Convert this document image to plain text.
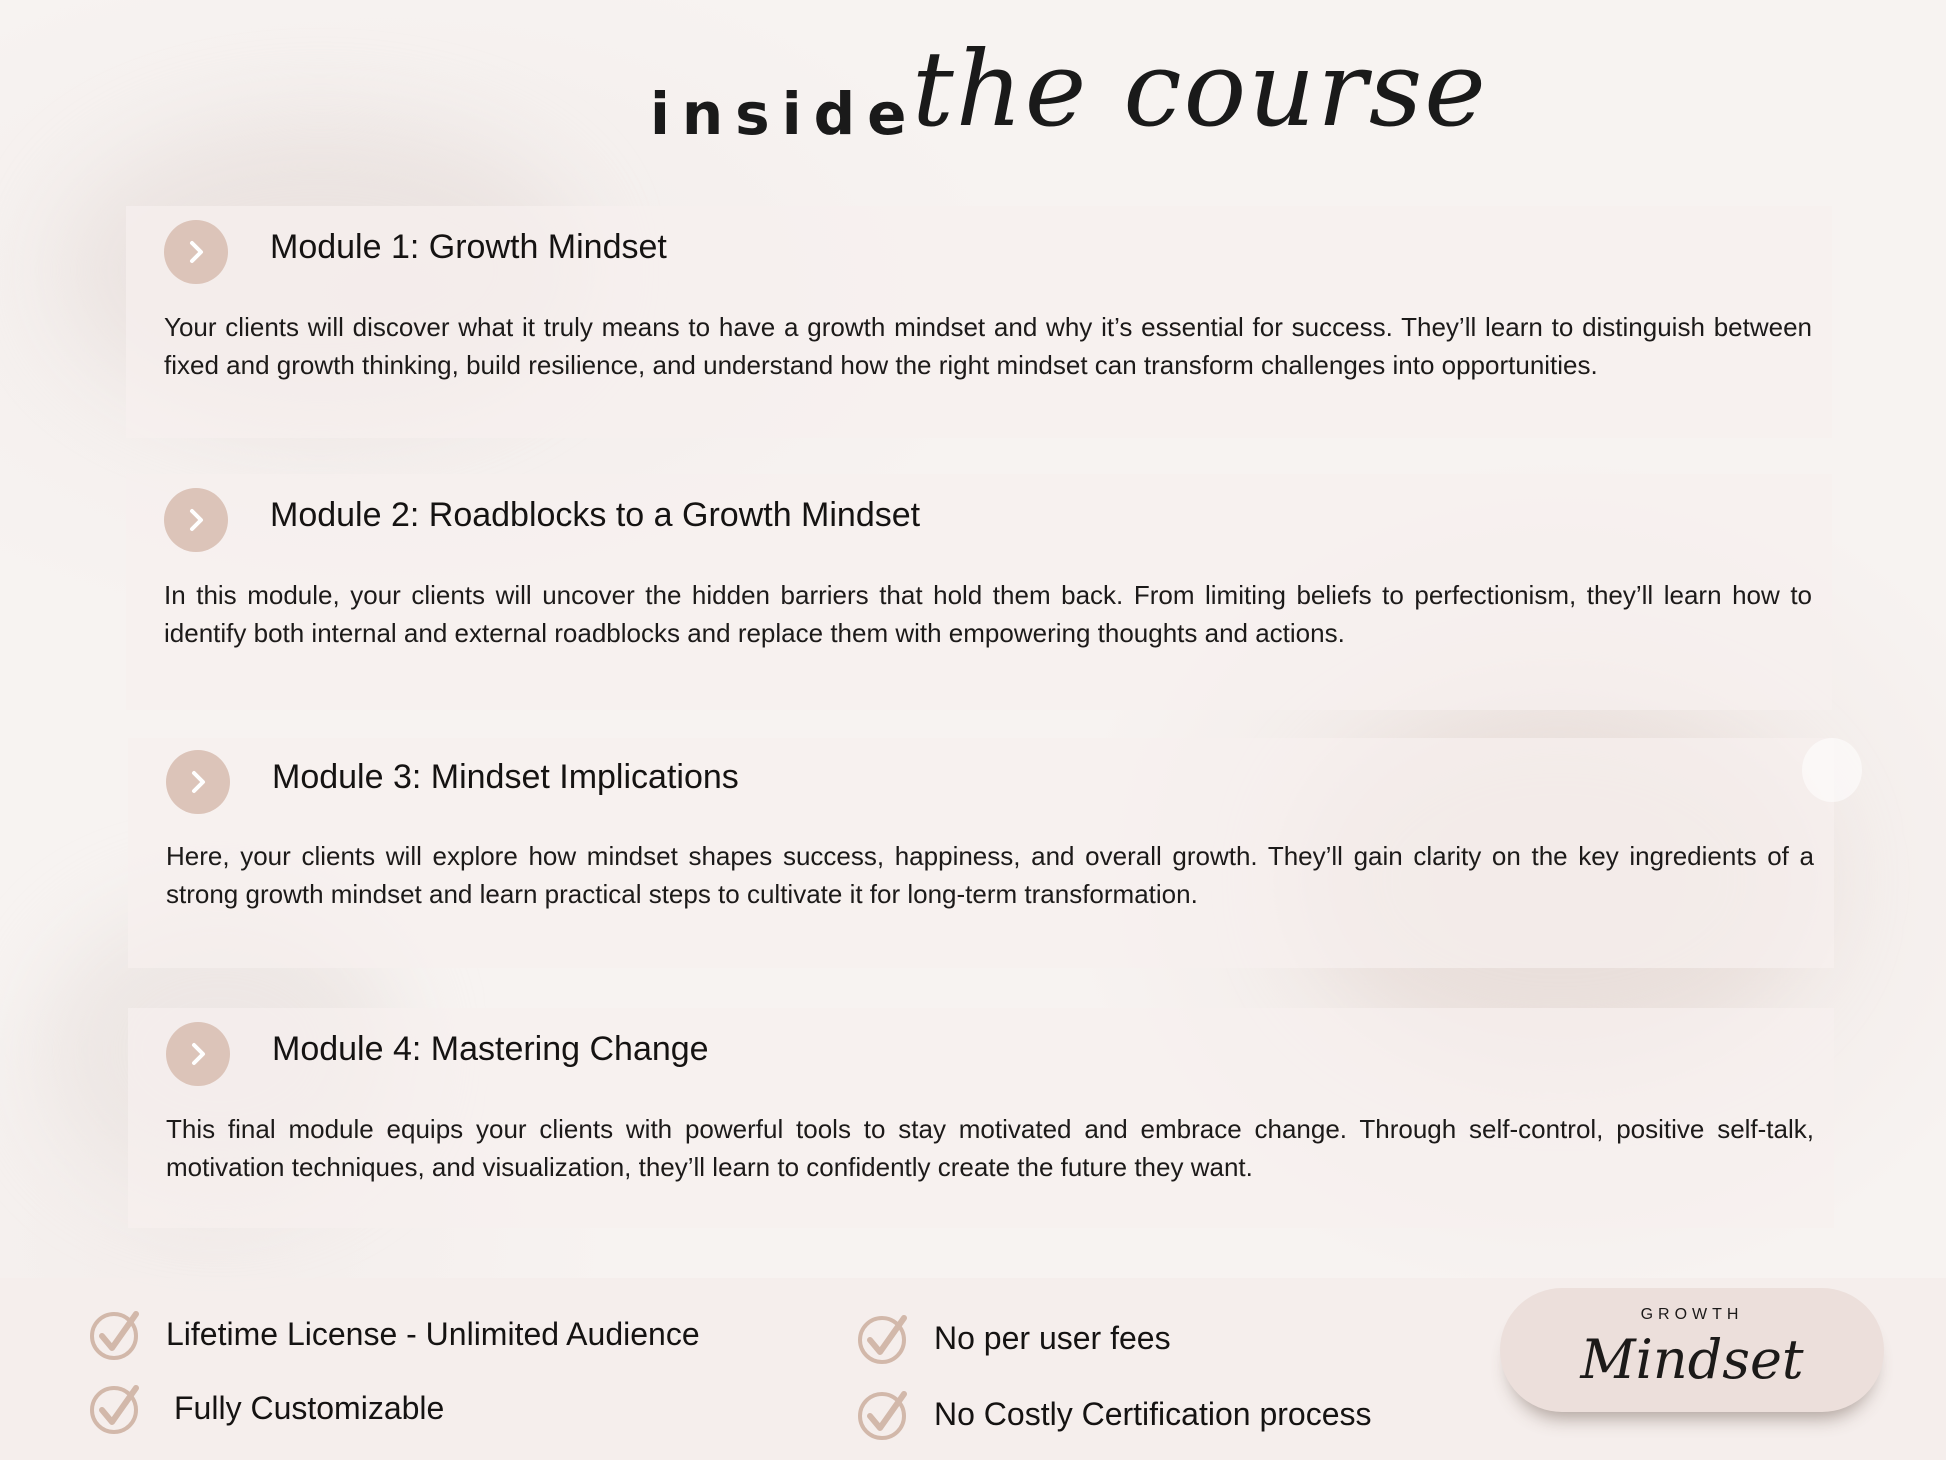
inside
the course
Module 1: Growth Mindset
Your clients will discover what it truly means to have a growth mindset and why it’s essential for success. They’ll learn to distinguish between fixed and growth thinking, build resilience, and understand how the right mindset can transform challenges into opportunities.
Module 2: Roadblocks to a Growth Mindset
In this module, your clients will uncover the hidden barriers that hold them back. From limiting beliefs to perfectionism, they’ll learn how to identify both internal and external roadblocks and replace them with empowering thoughts and actions.
Module 3: Mindset Implications
Here, your clients will explore how mindset shapes success, happiness, and overall growth. They’ll gain clarity on the key ingredients of a strong growth mindset and learn practical steps to cultivate it for long-term transformation.
Module 4: Mastering Change
This final module equips your clients with powerful tools to stay motivated and embrace change. Through self-control, positive self-talk, motivation techniques, and visualization, they’ll learn to confidently create the future they want.
Lifetime License - Unlimited Audience
Fully Customizable
No per user fees
No Costly Certification process
GROWTH
Mindset
